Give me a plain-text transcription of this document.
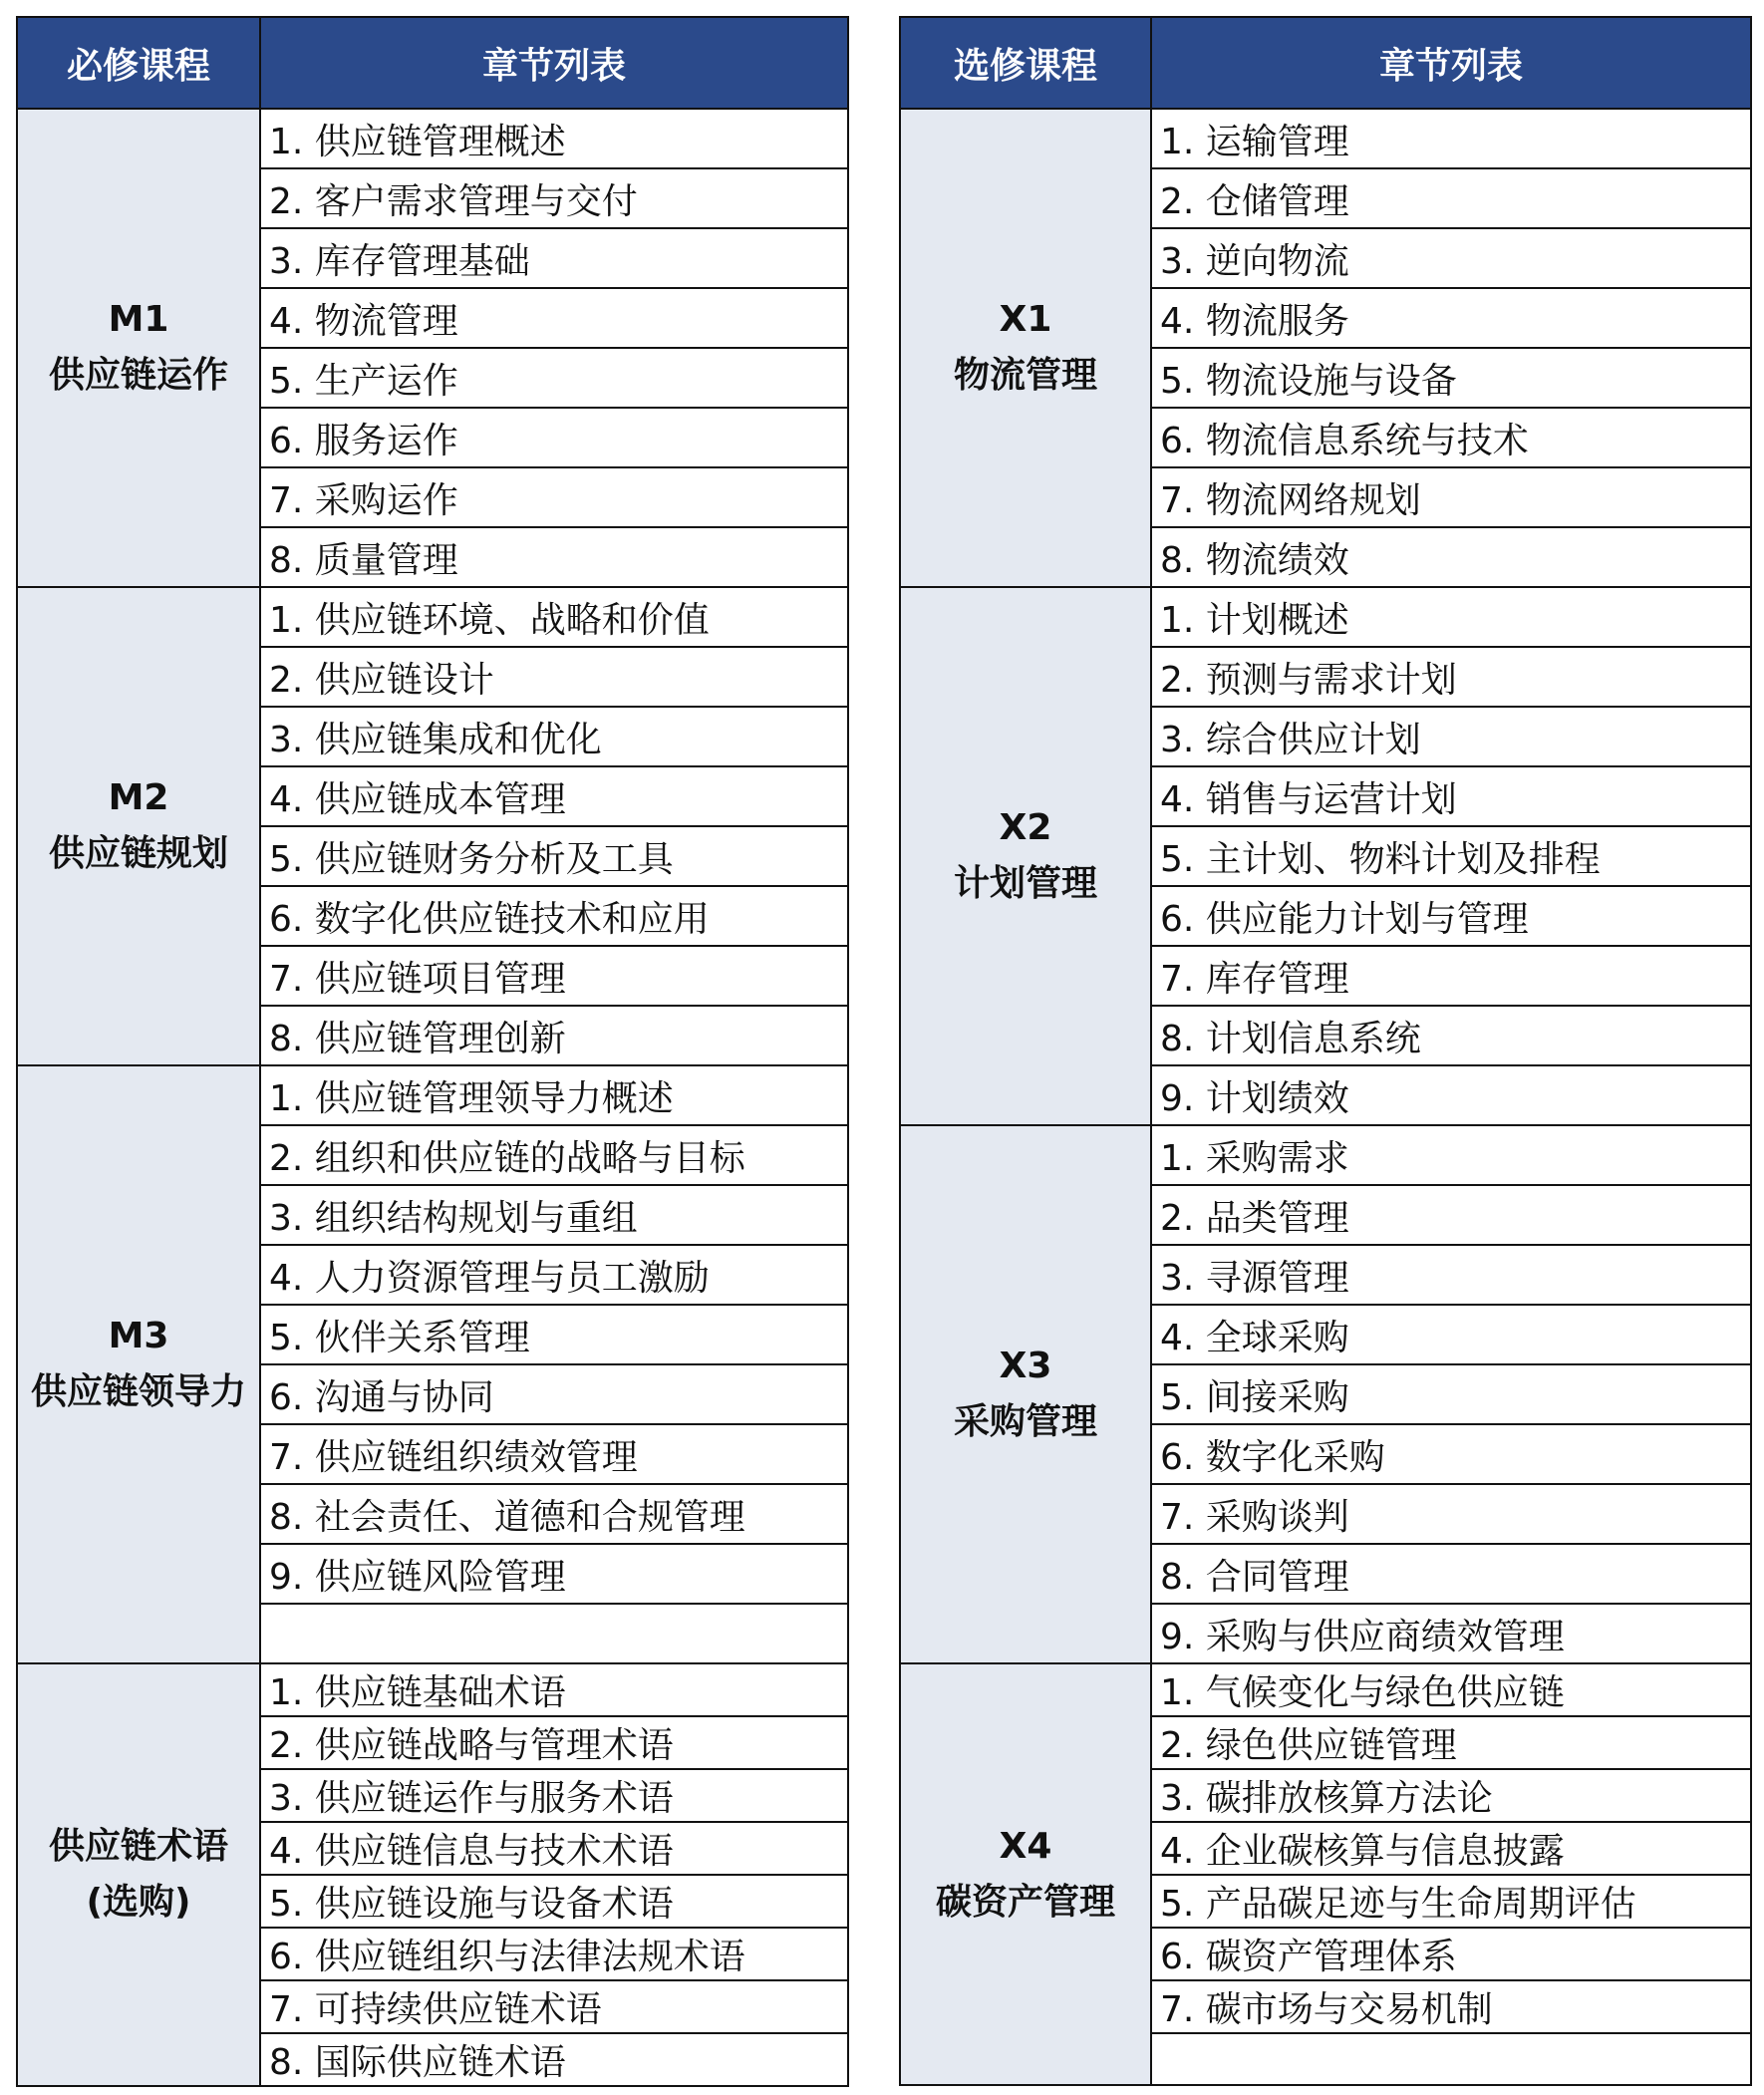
必修课程	章节列表

M1
供应链运作	1. 供应链管理概述
	2. 客户需求管理与交付
	3. 库存管理基础
	4. 物流管理
	5. 生产运作
	6. 服务运作
	7. 采购运作
	8. 质量管理

M2
供应链规划	1. 供应链环境、战略和价值
	2. 供应链设计
	3. 供应链集成和优化
	4. 供应链成本管理
	5. 供应链财务分析及工具
	6. 数字化供应链技术和应用
	7. 供应链项目管理
	8. 供应链管理创新

M3
供应链领导力	1. 供应链管理领导力概述
	2. 组织和供应链的战略与目标
	3. 组织结构规划与重组
	4. 人力资源管理与员工激励
	5. 伙伴关系管理
	6. 沟通与协同
	7. 供应链组织绩效管理
	8. 社会责任、道德和合规管理
	9. 供应链风险管理

供应链术语
(选购)	1. 供应链基础术语
	2. 供应链战略与管理术语
	3. 供应链运作与服务术语
	4. 供应链信息与技术术语
	5. 供应链设施与设备术语
	6. 供应链组织与法律法规术语
	7. 可持续供应链术语
	8. 国际供应链术语
选修课程	章节列表

X1
物流管理	1. 运输管理
	2. 仓储管理
	3. 逆向物流
	4. 物流服务
	5. 物流设施与设备
	6. 物流信息系统与技术
	7. 物流网络规划
	8. 物流绩效

X2
计划管理	1. 计划概述
	2. 预测与需求计划
	3. 综合供应计划
	4. 销售与运营计划
	5. 主计划、物料计划及排程
	6. 供应能力计划与管理
	7. 库存管理
	8. 计划信息系统
	9. 计划绩效

X3
采购管理	1. 采购需求
	2. 品类管理
	3. 寻源管理
	4. 全球采购
	5. 间接采购
	6. 数字化采购
	7. 采购谈判
	8. 合同管理
	9. 采购与供应商绩效管理

X4
碳资产管理	1. 气候变化与绿色供应链
	2. 绿色供应链管理
	3. 碳排放核算方法论
	4. 企业碳核算与信息披露
	5. 产品碳足迹与生命周期评估
	6. 碳资产管理体系
	7. 碳市场与交易机制
